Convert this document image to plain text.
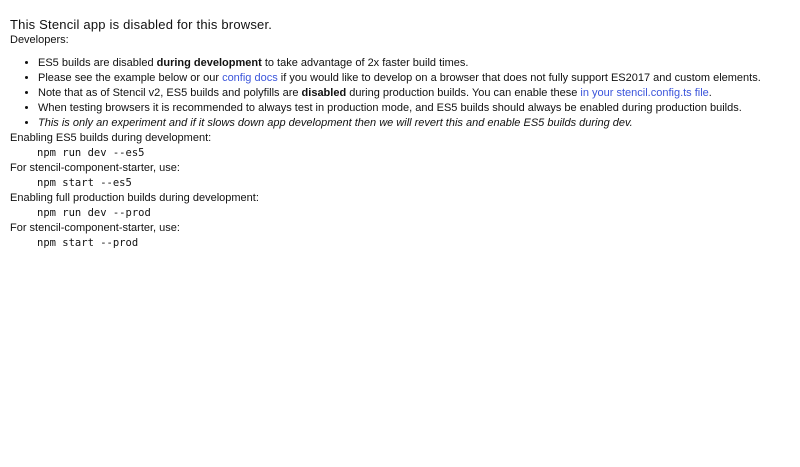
This Stencil app is disabled for this browser.

Developers:

• ES5 builds are disabled during development to take advantage of 2x faster build times.
• Please see the example below or our config docs if you would like to develop on a browser that does not fully support ES2017 and custom elements.
• Note that as of Stencil v2, ES5 builds and polyfills are disabled during production builds. You can enable these in your stencil.config.ts file.
• When testing browsers it is recommended to always test in production mode, and ES5 builds should always be enabled during production builds.
• This is only an experiment and if it slows down app development then we will revert this and enable ES5 builds during dev.

Enabling ES5 builds during development:

npm run dev --es5

For stencil-component-starter, use:

npm start --es5

Enabling full production builds during development:

npm run dev --prod

For stencil-component-starter, use:

npm start --prod
